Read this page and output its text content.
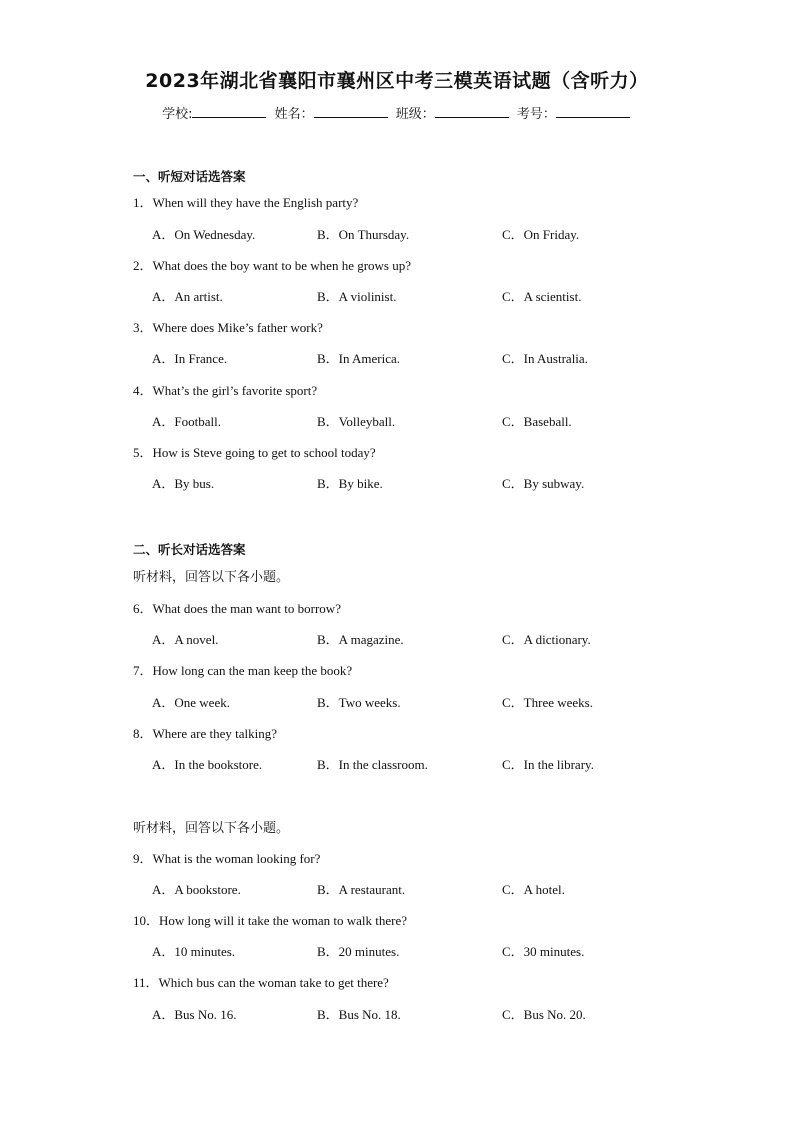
2023年湖北省襄阳市襄州区中考三模英语试题（含听力）
学校:	姓名：	班级：	考号：
一、听短对话选答案
1．When will they have the English party?
A．On Wednesday.	B．On Thursday.	C．On Friday.
2．What does the boy want to be when he grows up?
A．An artist.	B．A violinist.	C．A scientist.
3．Where does Mike’s father work?
A．In France.	B．In America.	C．In Australia.
4．What’s the girl’s favorite sport?
A．Football.	B．Volleyball.	C．Baseball.
5．How is Steve going to get to school today?
A．By bus.	B．By bike.	C．By subway.
二、听长对话选答案
听材料，回答以下各小题。
6．What does the man want to borrow?
A．A novel.	B．A magazine.	C．A dictionary.
7．How long can the man keep the book?
A．One week.	B．Two weeks.	C．Three weeks.
8．Where are they talking?
A．In the bookstore.	B．In the classroom.	C．In the library.
听材料，回答以下各小题。
9．What is the woman looking for?
A．A bookstore.	B．A restaurant.	C．A hotel.
10．How long will it take the woman to walk there?
A．10 minutes.	B．20 minutes.	C．30 minutes.
11．Which bus can the woman take to get there?
A．Bus No. 16.	B．Bus No. 18.	C．Bus No. 20.
